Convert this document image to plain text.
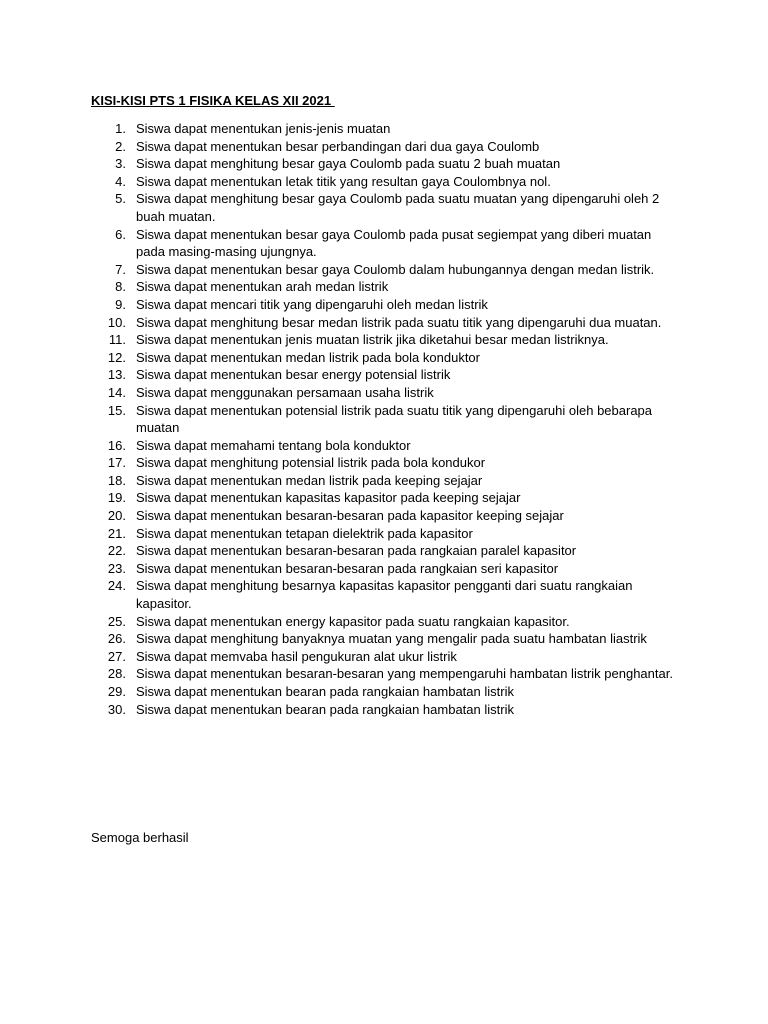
KISI-KISI PTS 1 FISIKA KELAS XII 2021
1. Siswa dapat menentukan jenis-jenis muatan
2. Siswa dapat menentukan besar perbandingan dari dua gaya Coulomb
3. Siswa dapat menghitung besar gaya Coulomb pada suatu 2 buah muatan
4. Siswa dapat menentukan letak titik yang resultan gaya Coulombnya nol.
5. Siswa dapat menghitung besar gaya Coulomb pada suatu muatan yang dipengaruhi oleh 2 buah muatan.
6. Siswa dapat menentukan besar gaya Coulomb pada pusat segiempat yang diberi muatan pada masing-masing ujungnya.
7. Siswa dapat menentukan besar gaya Coulomb dalam hubungannya dengan medan listrik.
8. Siswa dapat menentukan arah medan listrik
9. Siswa dapat mencari titik yang dipengaruhi oleh medan listrik
10. Siswa dapat menghitung besar medan listrik pada suatu titik yang dipengaruhi dua muatan.
11. Siswa dapat menentukan jenis muatan listrik jika diketahui besar medan listriknya.
12. Siswa dapat menentukan medan listrik pada bola konduktor
13. Siswa dapat menentukan besar energy potensial listrik
14. Siswa dapat menggunakan persamaan usaha listrik
15. Siswa dapat menentukan potensial listrik pada suatu titik yang dipengaruhi oleh bebarapa muatan
16. Siswa dapat memahami tentang bola konduktor
17. Siswa dapat menghitung potensial listrik pada bola kondukor
18. Siswa dapat menentukan medan listrik pada keeping sejajar
19. Siswa dapat menentukan kapasitas kapasitor pada keeping sejajar
20. Siswa dapat menentukan besaran-besaran pada kapasitor keeping sejajar
21. Siswa dapat menentukan tetapan dielektrik pada kapasitor
22. Siswa dapat menentukan besaran-besaran pada rangkaian paralel kapasitor
23. Siswa dapat menentukan besaran-besaran pada rangkaian seri kapasitor
24. Siswa dapat menghitung besarnya kapasitas kapasitor pengganti dari suatu rangkaian kapasitor.
25. Siswa dapat menentukan energy kapasitor pada suatu rangkaian kapasitor.
26. Siswa dapat menghitung banyaknya muatan yang mengalir pada suatu hambatan liastrik
27. Siswa dapat memvaba hasil pengukuran alat ukur listrik
28. Siswa dapat menentukan besaran-besaran yang mempengaruhi hambatan listrik penghantar.
29. Siswa dapat menentukan bearan pada rangkaian hambatan listrik
30. Siswa dapat menentukan bearan pada rangkaian hambatan listrik
Semoga berhasil
